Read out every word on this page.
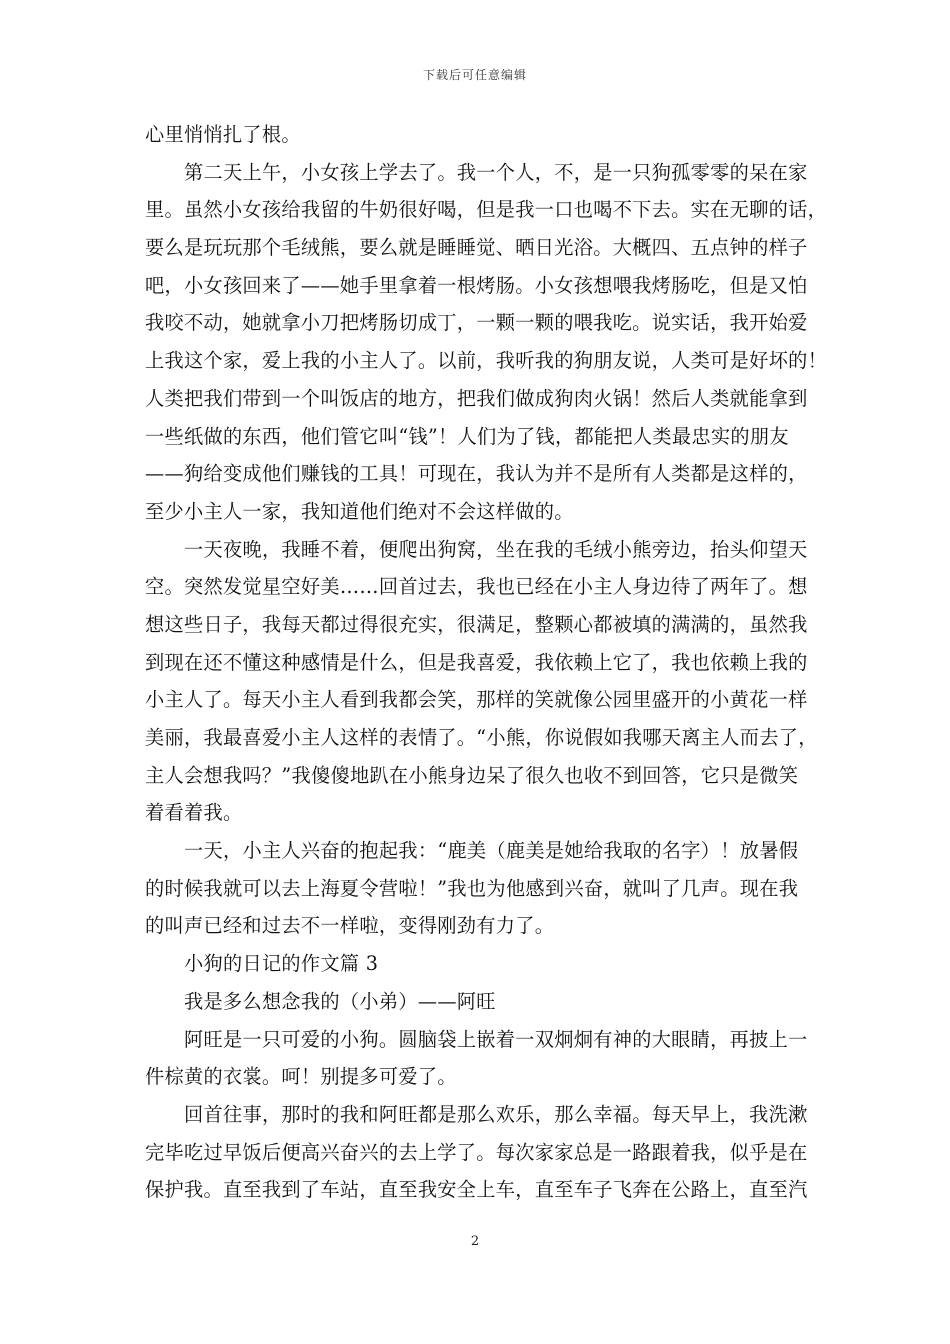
下载后可任意编辑
心里悄悄扎了根。
第二天上午，小女孩上学去了。我一个人，不，是一只狗孤零零的呆在家
里。虽然小女孩给我留的牛奶很好喝，但是我一口也喝不下去。实在无聊的话，
要么是玩玩那个毛绒熊，要么就是睡睡觉、晒日光浴。大概四、五点钟的样子
吧，小女孩回来了——她手里拿着一根烤肠。小女孩想喂我烤肠吃，但是又怕
我咬不动，她就拿小刀把烤肠切成丁，一颗一颗的喂我吃。说实话，我开始爱
上我这个家，爱上我的小主人了。以前，我听我的狗朋友说，人类可是好坏的！
人类把我们带到一个叫饭店的地方，把我们做成狗肉火锅！然后人类就能拿到
一些纸做的东西，他们管它叫“钱”！人们为了钱，都能把人类最忠实的朋友
——狗给变成他们赚钱的工具！可现在，我认为并不是所有人类都是这样的，
至少小主人一家，我知道他们绝对不会这样做的。
一天夜晚，我睡不着，便爬出狗窝，坐在我的毛绒小熊旁边，抬头仰望天
空。突然发觉星空好美……回首过去，我也已经在小主人身边待了两年了。想
想这些日子，我每天都过得很充实，很满足，整颗心都被填的满满的，虽然我
到现在还不懂这种感情是什么，但是我喜爱，我依赖上它了，我也依赖上我的
小主人了。每天小主人看到我都会笑，那样的笑就像公园里盛开的小黄花一样
美丽，我最喜爱小主人这样的表情了。“小熊，你说假如我哪天离主人而去了，
主人会想我吗？”我傻傻地趴在小熊身边呆了很久也收不到回答，它只是微笑
着看着我。
一天，小主人兴奋的抱起我：“鹿美（鹿美是她给我取的名字）！放暑假
的时候我就可以去上海夏令营啦！”我也为他感到兴奋，就叫了几声。现在我
的叫声已经和过去不一样啦，变得刚劲有力了。
小狗的日记的作文篇 3
我是多么想念我的（小弟）——阿旺
阿旺是一只可爱的小狗。圆脑袋上嵌着一双炯炯有神的大眼睛，再披上一
件棕黄的衣裳。呵！别提多可爱了。
回首往事，那时的我和阿旺都是那么欢乐，那么幸福。每天早上，我洗漱
完毕吃过早饭后便高兴奋兴的去上学了。每次家家总是一路跟着我，似乎是在
保护我。直至我到了车站，直至我安全上车，直至车子飞奔在公路上，直至汽
2
